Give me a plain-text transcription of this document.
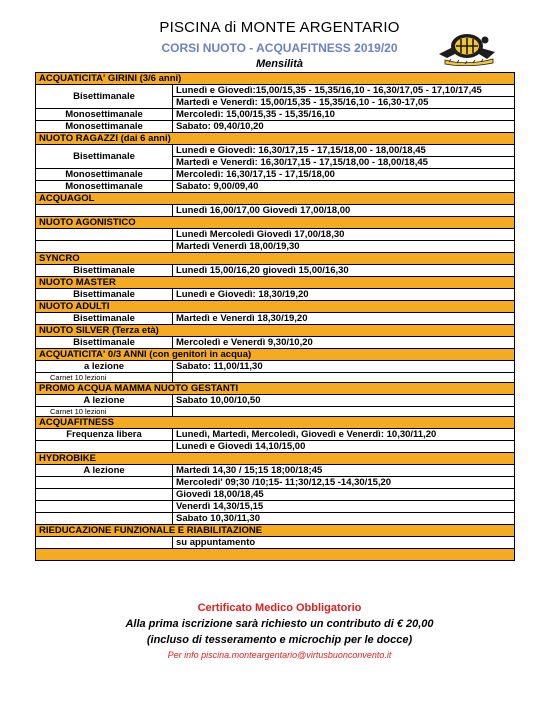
PISCINA di MONTE ARGENTARIO
CORSI NUOTO - ACQUAFITNESS 2019/20
Mensilità
ACQUATICITA' GIRINI (3/6 anni)	
Bisettimanale	Lunedì e Giovedì:15,00/15,35 - 15,35/16,10 - 16,30/17,05 - 17,10/17,45
	Martedì e Venerdì: 15,00/15,35 - 15,35/16,10 - 16,30-17,05
Monosettimanale	Mercoledì: 15,00/15,35 - 15,35/16,10
Monosettimanale	Sabato: 09,40/10,20
NUOTO RAGAZZI (dai 6 anni)	
Bisettimanale	Lunedì e Giovedì: 16,30/17,15 - 17,15/18,00 - 18,00/18,45
	Martedì e Venerdì: 16,30/17,15 - 17,15/18,00 - 18,00/18,45
Monosettimanale	Mercoledì: 16,30/17,15 - 17,15/18,00
Monosettimanale	Sabato: 9,00/09,40
ACQUAGOL	
	Lunedì 16,00/17,00 Giovedì 17,00/18,00
NUOTO AGONISTICO	
	Lunedì Mercoledì Giovedì 17,00/18,30
	Martedì Venerdì 18,00/19,30
SYNCRO	
Bisettimanale	Lunedì 15,00/16,20 giovedì 15,00/16,30
NUOTO MASTER	
Bisettimanale	Lunedì e Giovedì: 18,30/19,20
NUOTO ADULTI	
Bisettimanale	Martedì e Venerdì 18,30/19,20
NUOTO SILVER (Terza età)	
Bisettimanale	Mercoledì e Venerdì 9,30/10,20
ACQUATICITA' 0/3 ANNI (con genitori in acqua)	
a lezione	Sabato: 11,00/11,30
Carnet 10 lezioni	
PROMO ACQUA MAMMA NUOTO GESTANTI	
A lezione	Sabato 10,00/10,50
Carnet 10 lezioni	
ACQUAFITNESS	
Frequenza libera	Lunedì, Martedì, Mercoledì, Giovedì e Venerdì: 10,30/11,20
	Lunedì e Giovedì 14,10/15,00
HYDROBIKE	
A lezione	Martedì 14,30 / 15;15 18;00/18;45
	Mercoledi' 09;30 /10;15- 11;30/12,15 -14,30/15,20
	Giovedì 18,00/18,45
	Venerdì 14,30/15,15
	Sabato 10,30/11,30
RIEDUCAZIONE FUNZIONALE E RIABILITAZIONE	
	su appuntamento

Certificato Medico Obbligatorio
Alla prima iscrizione sarà richiesto un contributo di € 20,00
(incluso di tesseramento e microchip per le docce)
Per info piscina.monteargentario@virtusbuonconvento.it
